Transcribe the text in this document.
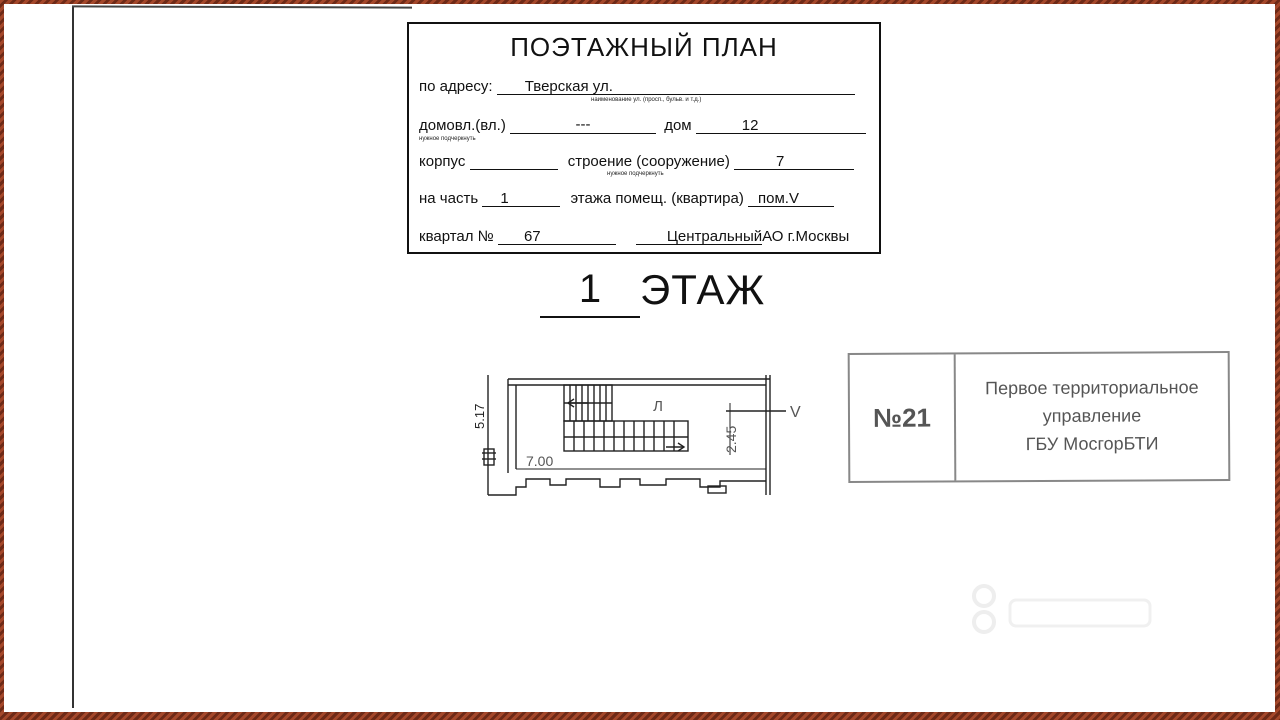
ПОЭТАЖНЫЙ ПЛАН
по адресу: Тверская ул.
наименование ул. (просп., бульв. и т.д.)
домовл.(вл.)	---	дом	12
нужное подчеркнуть
корпус	строение (сооружение)	7
нужное подчеркнуть
на часть 1	этажа помещ. (квартира) пом.V
квартал № 67	ЦентральныйАО г.Москвы
1 ЭТАЖ
Л
7.00
2.45
V
5.17	№21
Первое территориальное
управление
ГБУ МосгорБТИ
